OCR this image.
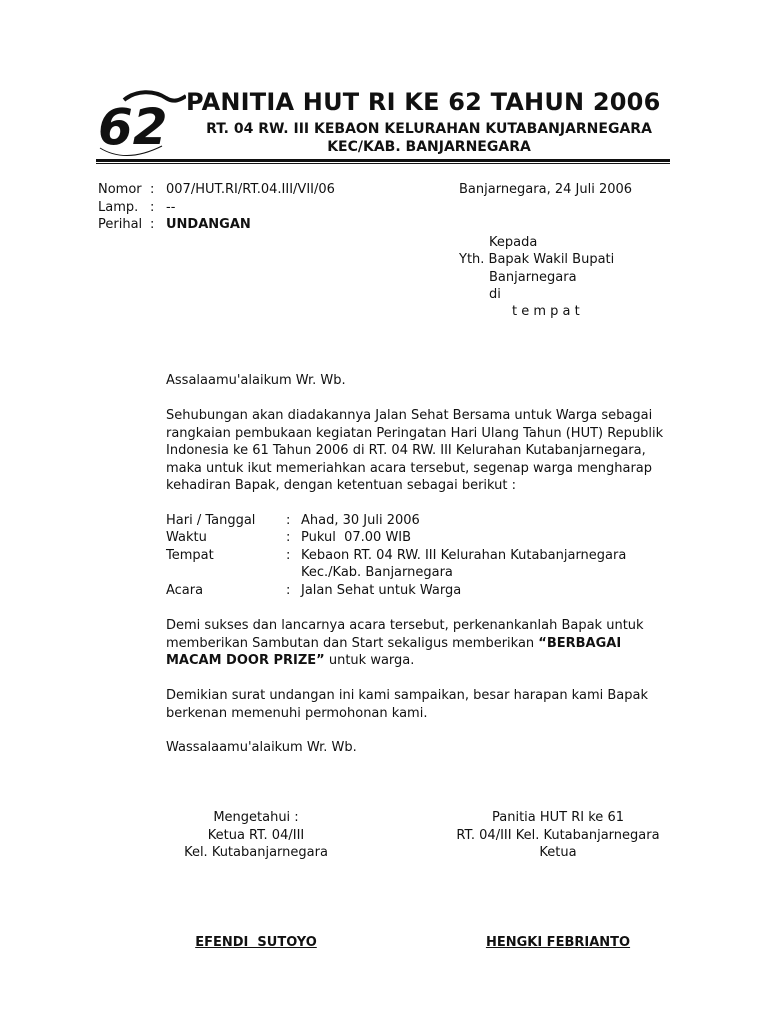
62 PANITIA HUT RI KE 62 TAHUN 2006
RT. 04 RW. III KEBAON KELURAHAN KUTABANJARNEGARA
KEC/KAB. BANJARNEGARA
Nomor : 007/HUT.RI/RT.04.III/VII/06
Lamp. : --
Perihal : UNDANGAN
Banjarnegara, 24 Juli 2006
Kepada
Yth. Bapak Wakil Bupati
Banjarnegara
di
t e m p a t
Assalaamu'alaikum Wr. Wb.
Sehubungan akan diadakannya Jalan Sehat Bersama untuk Warga sebagai
rangkaian pembukaan kegiatan Peringatan Hari Ulang Tahun (HUT) Republik
Indonesia ke 61 Tahun 2006 di RT. 04 RW. III Kelurahan Kutabanjarnegara,
maka untuk ikut memeriahkan acara tersebut, segenap warga mengharap
kehadiran Bapak, dengan ketentuan sebagai berikut :
Hari / Tanggal : Ahad, 30 Juli 2006
Waktu	: Pukul  07.00 WIB
Tempat	: Kebaon RT. 04 RW. III Kelurahan Kutabanjarnegara
Kec./Kab. Banjarnegara
Acara	: Jalan Sehat untuk Warga
Demi sukses dan lancarnya acara tersebut, perkenankanlah Bapak untuk
memberikan Sambutan dan Start sekaligus memberikan “BERBAGAI
MACAM DOOR PRIZE” untuk warga.
Demikian surat undangan ini kami sampaikan, besar harapan kami Bapak
berkenan memenuhi permohonan kami.
Wassalaamu'alaikum Wr. Wb.
Mengetahui :
Ketua RT. 04/III
Kel. Kutabanjarnegara
Panitia HUT RI ke 61
RT. 04/III Kel. Kutabanjarnegara
Ketua
EFENDI  SUTOYO	HENGKI FEBRIANTO
